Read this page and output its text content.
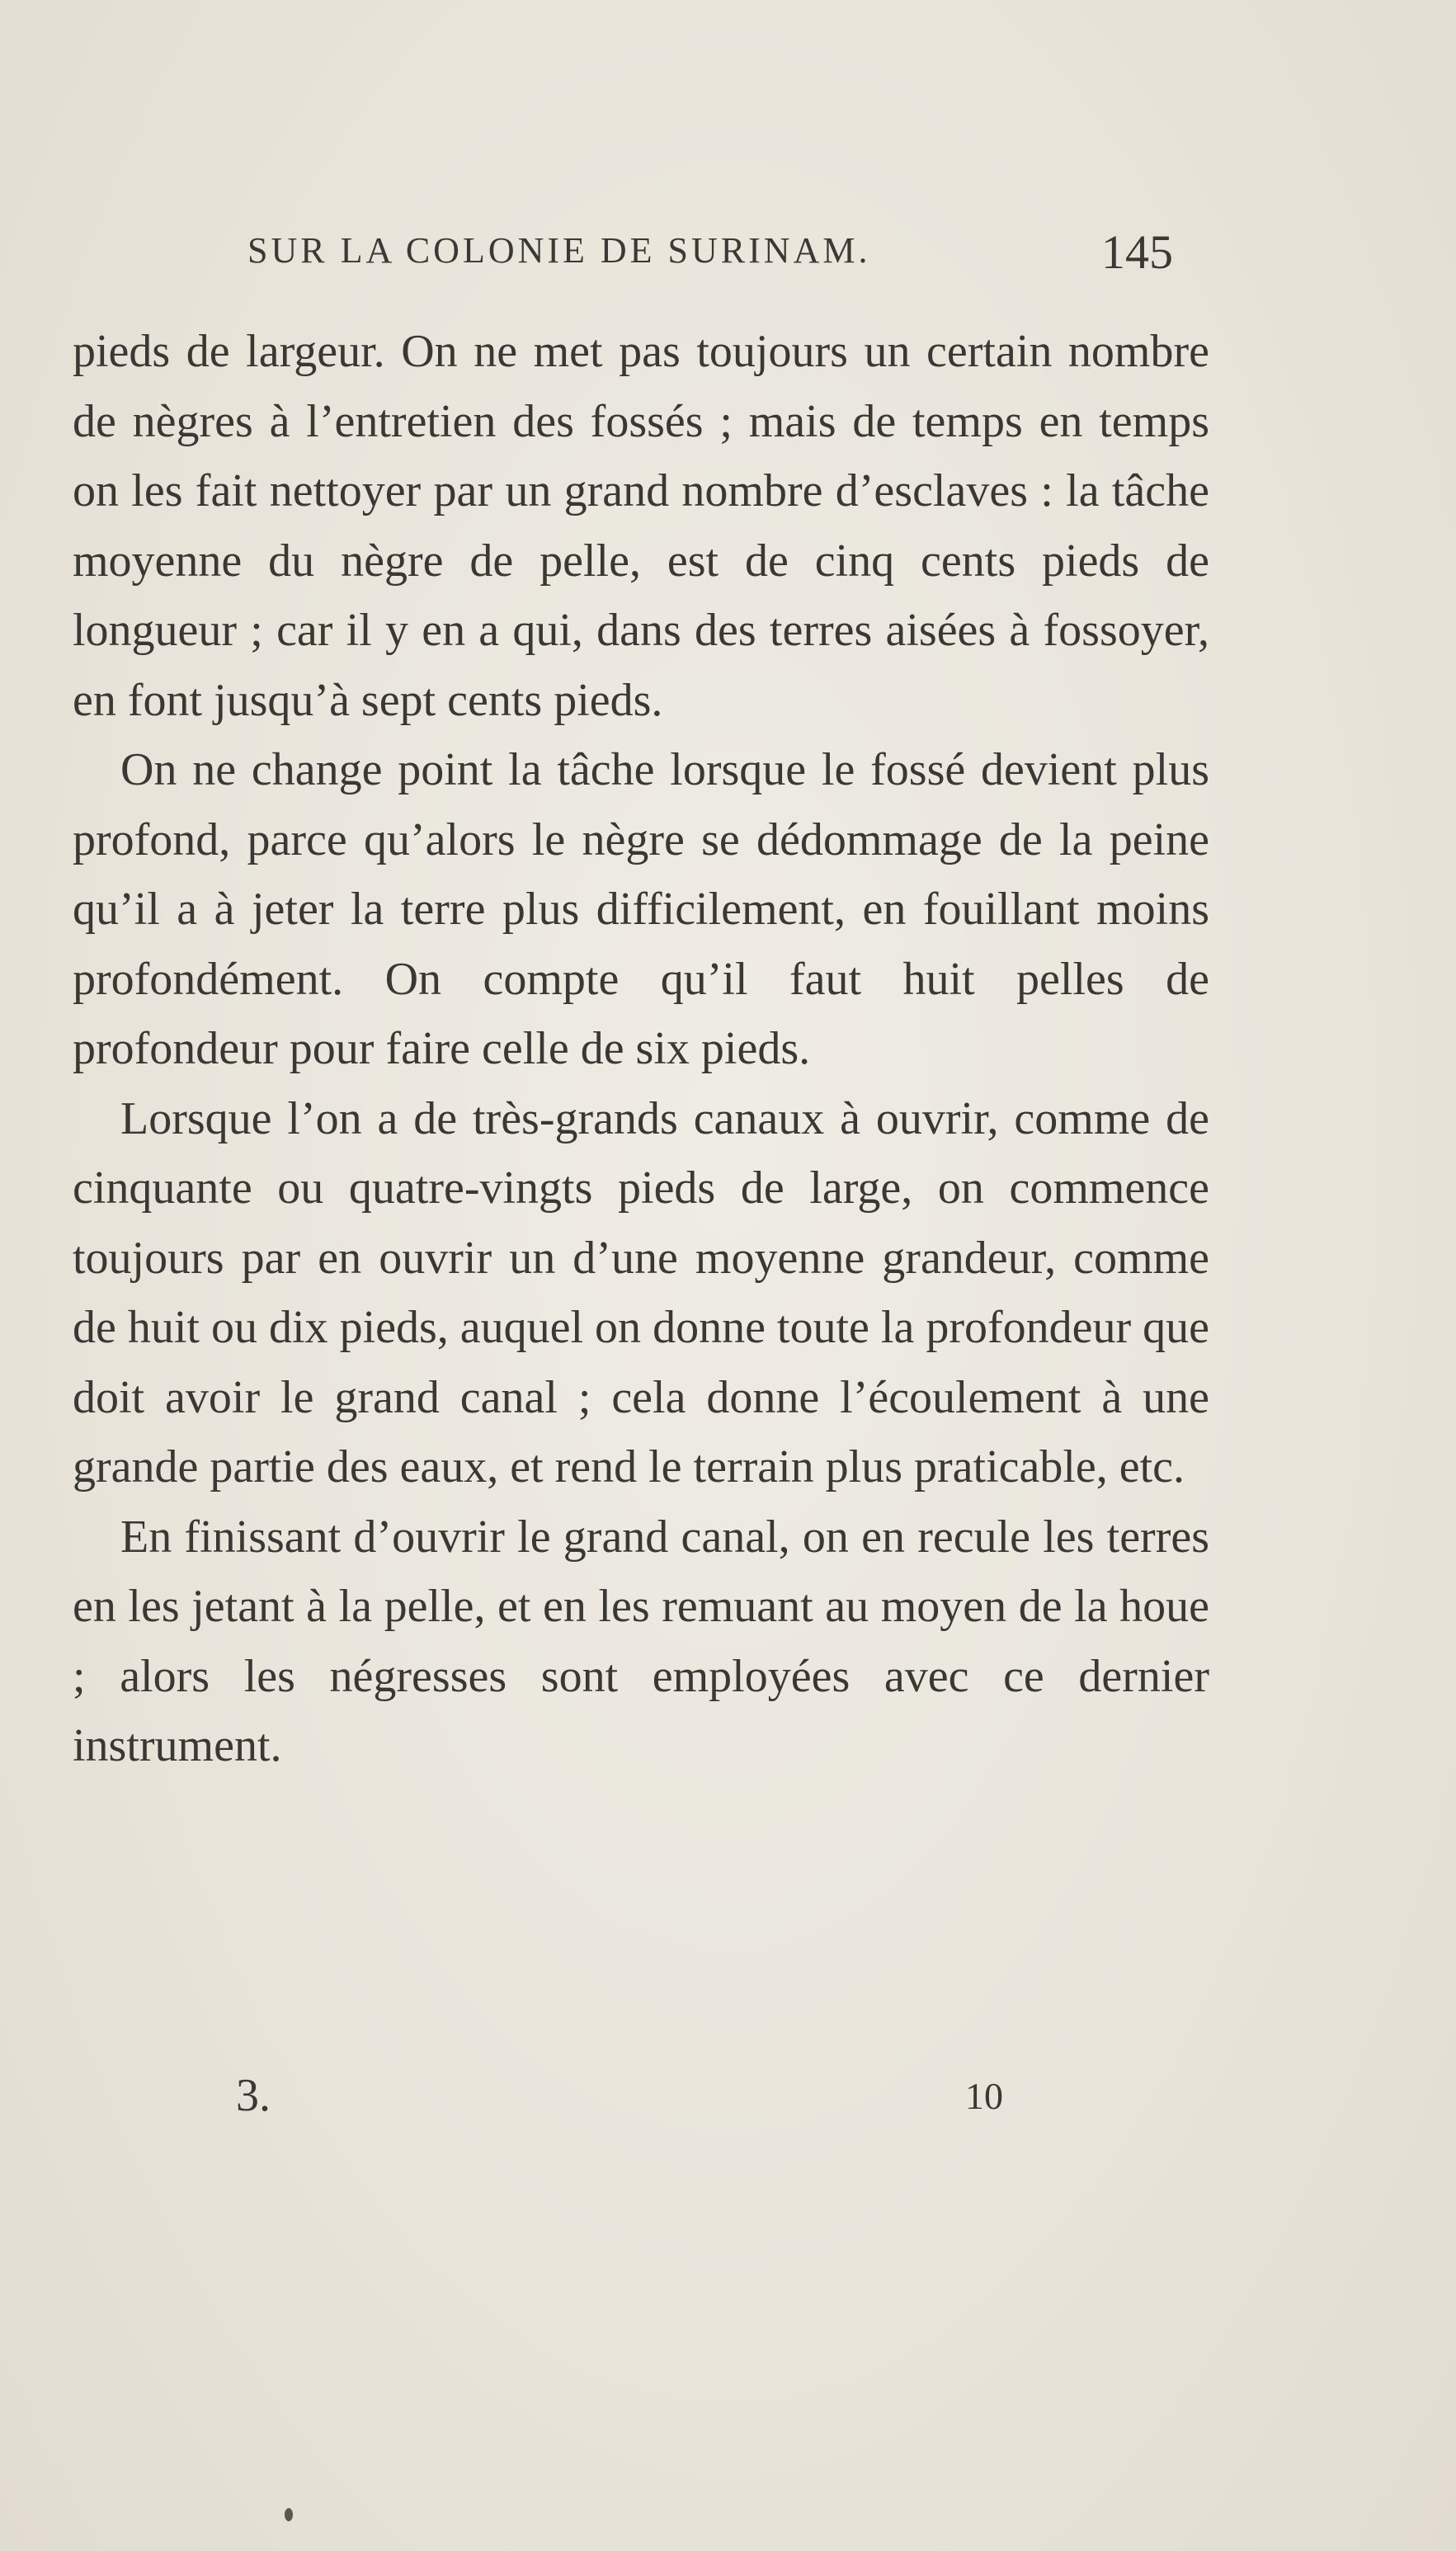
SUR LA COLONIE DE SURINAM.	145

pieds de largeur. On ne met pas toujours un certain nombre de nègres à l’entretien des fossés ; mais de temps en temps on les fait nettoyer par un grand nombre d’esclaves : la tâche moyenne du nègre de pelle, est de cinq cents pieds de longueur ; car il y en a qui, dans des terres aisées à fossoyer, en font jusqu’à sept cents pieds.

On ne change point la tâche lorsque le fossé devient plus profond, parce qu’alors le nègre se dédommage de la peine qu’il a à jeter la terre plus difficilement, en fouillant moins profondément. On compte qu’il faut huit pelles de profondeur pour faire celle de six pieds.

Lorsque l’on a de très-grands canaux à ouvrir, comme de cinquante ou quatre-vingts pieds de large, on commence toujours par en ouvrir un d’une moyenne grandeur, comme de huit ou dix pieds, auquel on donne toute la profondeur que doit avoir le grand canal ; cela donne l’écoulement à une grande partie des eaux, et rend le terrain plus praticable, etc.

En finissant d’ouvrir le grand canal, on en recule les terres en les jetant à la pelle, et en les remuant au moyen de la houe ; alors les négresses sont employées avec ce dernier instrument.

3.	10
